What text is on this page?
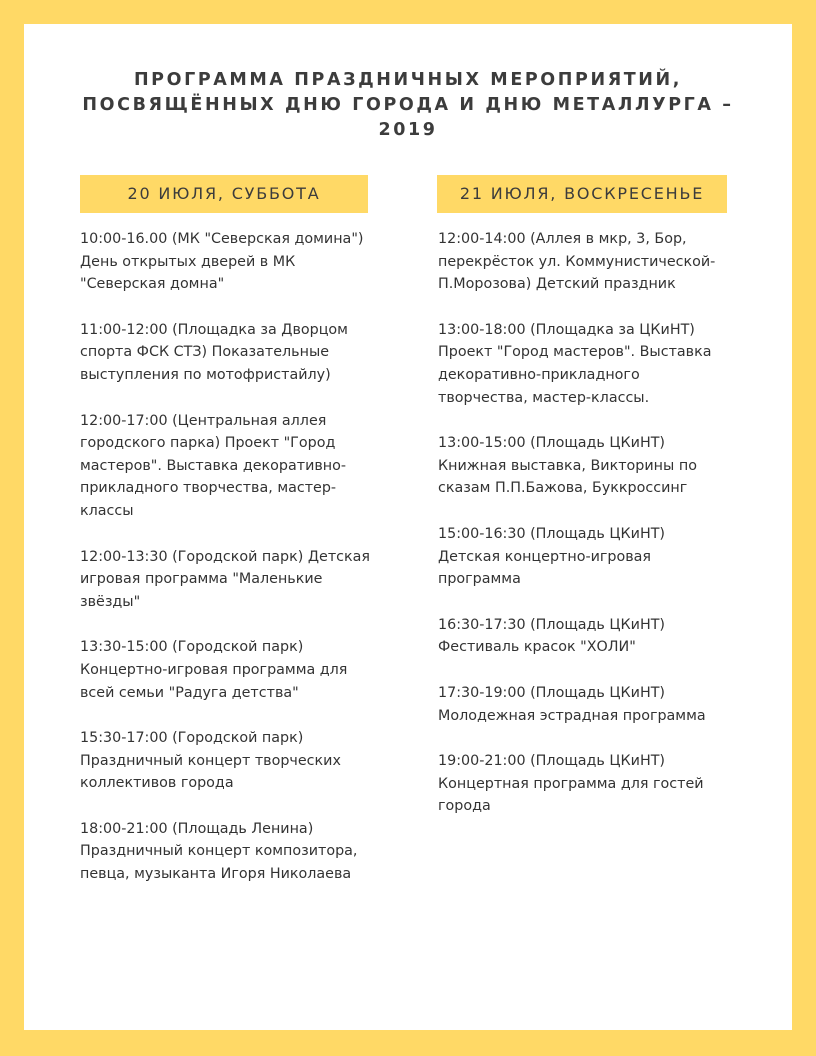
ПРОГРАММА ПРАЗДНИЧНЫХ МЕРОПРИЯТИЙ,
ПОСВЯЩЁННЫХ ДНЮ ГОРОДА И ДНЮ МЕТАЛЛУРГА –
2019
20 ИЮЛЯ, СУББОТА	21 ИЮЛЯ, ВОСКРЕСЕНЬЕ

10:00-16.00 (МК "Северская домина")
День открытых дверей в МК
"Северская домна"

11:00-12:00 (Площадка за Дворцом
спорта ФСК СТЗ) Показательные
выступления по мотофристайлу)

12:00-17:00 (Центральная аллея
городского парка) Проект "Город
мастеров". Выставка декоративно-
прикладного творчества, мастер-
классы

12:00-13:30 (Городской парк) Детская
игровая программа "Маленькие
звёзды"

13:30-15:00 (Городской парк)
Концертно-игровая программа для
всей семьи "Радуга детства"

15:30-17:00 (Городской парк)
Праздничный концерт творческих
коллективов города

18:00-21:00 (Площадь Ленина)
Праздничный концерт композитора,
певца, музыканта Игоря Николаева

12:00-14:00 (Аллея в мкр, 3, Бор,
перекрёсток ул. Коммунистической-
П.Морозова) Детский праздник

13:00-18:00 (Площадка за ЦКиНТ)
Проект "Город мастеров". Выставка
декоративно-прикладного
творчества, мастер-классы.

13:00-15:00 (Площадь ЦКиНТ)
Книжная выставка, Викторины по
сказам П.П.Бажова, Буккроссинг

15:00-16:30 (Площадь ЦКиНТ)
Детская концертно-игровая
программа

16:30-17:30 (Площадь ЦКиНТ)
Фестиваль красок "ХОЛИ"

17:30-19:00 (Площадь ЦКиНТ)
Молодежная эстрадная программа

19:00-21:00 (Площадь ЦКиНТ)
Концертная программа для гостей
города
